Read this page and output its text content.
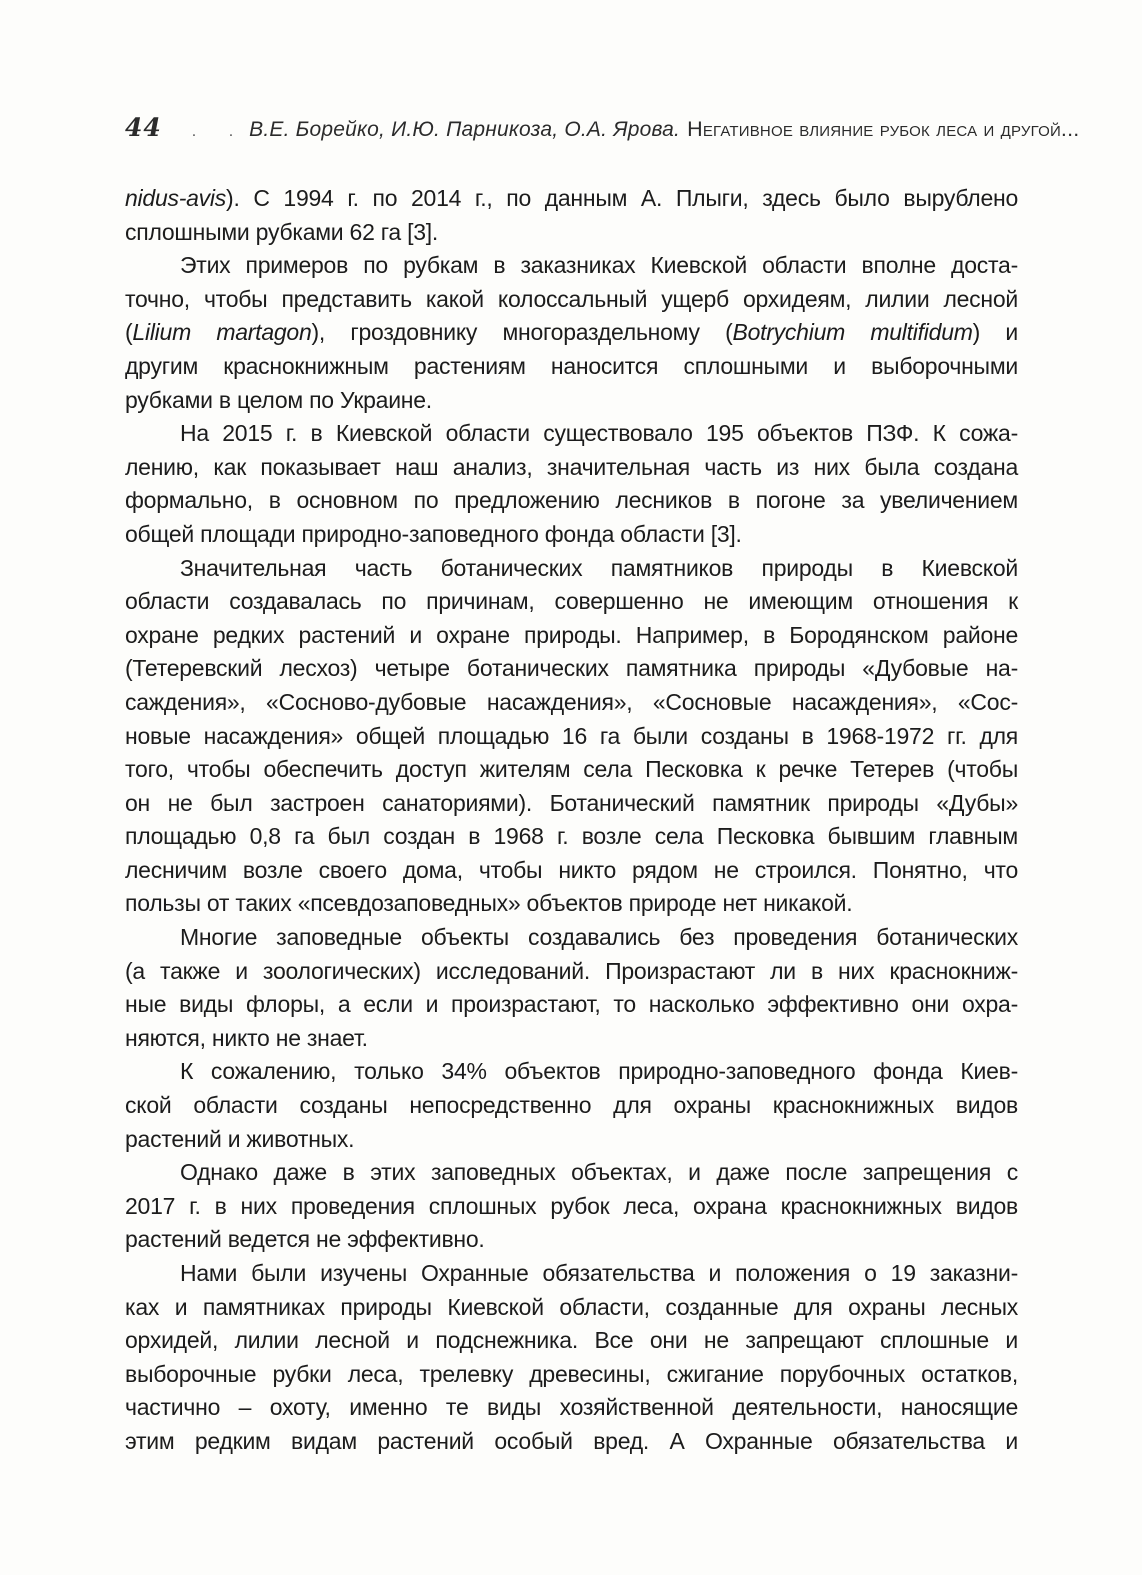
44 . . В.Е. Борейко, И.Ю. Парникоза, О.А. Ярова. Негативное влияние рубок леса и другой...
nidus-avis). С 1994 г. по 2014 г., по данным А. Плыги, здесь было вырублено
сплошными рубками 62 га [3].
Этих примеров по рубкам в заказниках Киевской области вполне доста-
точно, чтобы представить какой колоссальный ущерб орхидеям, лилии лесной
(Lilium martagon), гроздовнику многораздельному (Botrychium multifidum) и
другим краснокнижным растениям наносится сплошными и выборочными
рубками в целом по Украине.
На 2015 г. в Киевской области существовало 195 объектов ПЗФ. К сожа-
лению, как показывает наш анализ, значительная часть из них была создана
формально, в основном по предложению лесников в погоне за увеличением
общей площади природно-заповедного фонда области [3].
Значительная часть ботанических памятников природы в Киевской
области создавалась по причинам, совершенно не имеющим отношения к
охране редких растений и охране природы. Например, в Бородянском районе
(Тетеревский лесхоз) четыре ботанических памятника природы «Дубовые на-
саждения», «Сосново-дубовые насаждения», «Сосновые насаждения», «Сос-
новые насаждения» общей площадью 16 га были созданы в 1968-1972 гг. для
того, чтобы обеспечить доступ жителям села Песковка к речке Тетерев (чтобы
он не был застроен санаториями). Ботанический памятник природы «Дубы»
площадью 0,8 га был создан в 1968 г. возле села Песковка бывшим главным
лесничим возле своего дома, чтобы никто рядом не строился. Понятно, что
пользы от таких «псевдозаповедных» объектов природе нет никакой.
Многие заповедные объекты создавались без проведения ботанических
(а также и зоологических) исследований. Произрастают ли в них краснокниж-
ные виды флоры, а если и произрастают, то насколько эффективно они охра-
няются, никто не знает.
К сожалению, только 34% объектов природно-заповедного фонда Киев-
ской области созданы непосредственно для охраны краснокнижных видов
растений и животных.
Однако даже в этих заповедных объектах, и даже после запрещения с
2017 г. в них проведения сплошных рубок леса, охрана краснокнижных видов
растений ведется не эффективно.
Нами были изучены Охранные обязательства и положения о 19 заказни-
ках и памятниках природы Киевской области, созданные для охраны лесных
орхидей, лилии лесной и подснежника. Все они не запрещают сплошные и
выборочные рубки леса, трелевку древесины, сжигание порубочных остатков,
частично – охоту, именно те виды хозяйственной деятельности, наносящие
этим редким видам растений особый вред. А Охранные обязательства и
